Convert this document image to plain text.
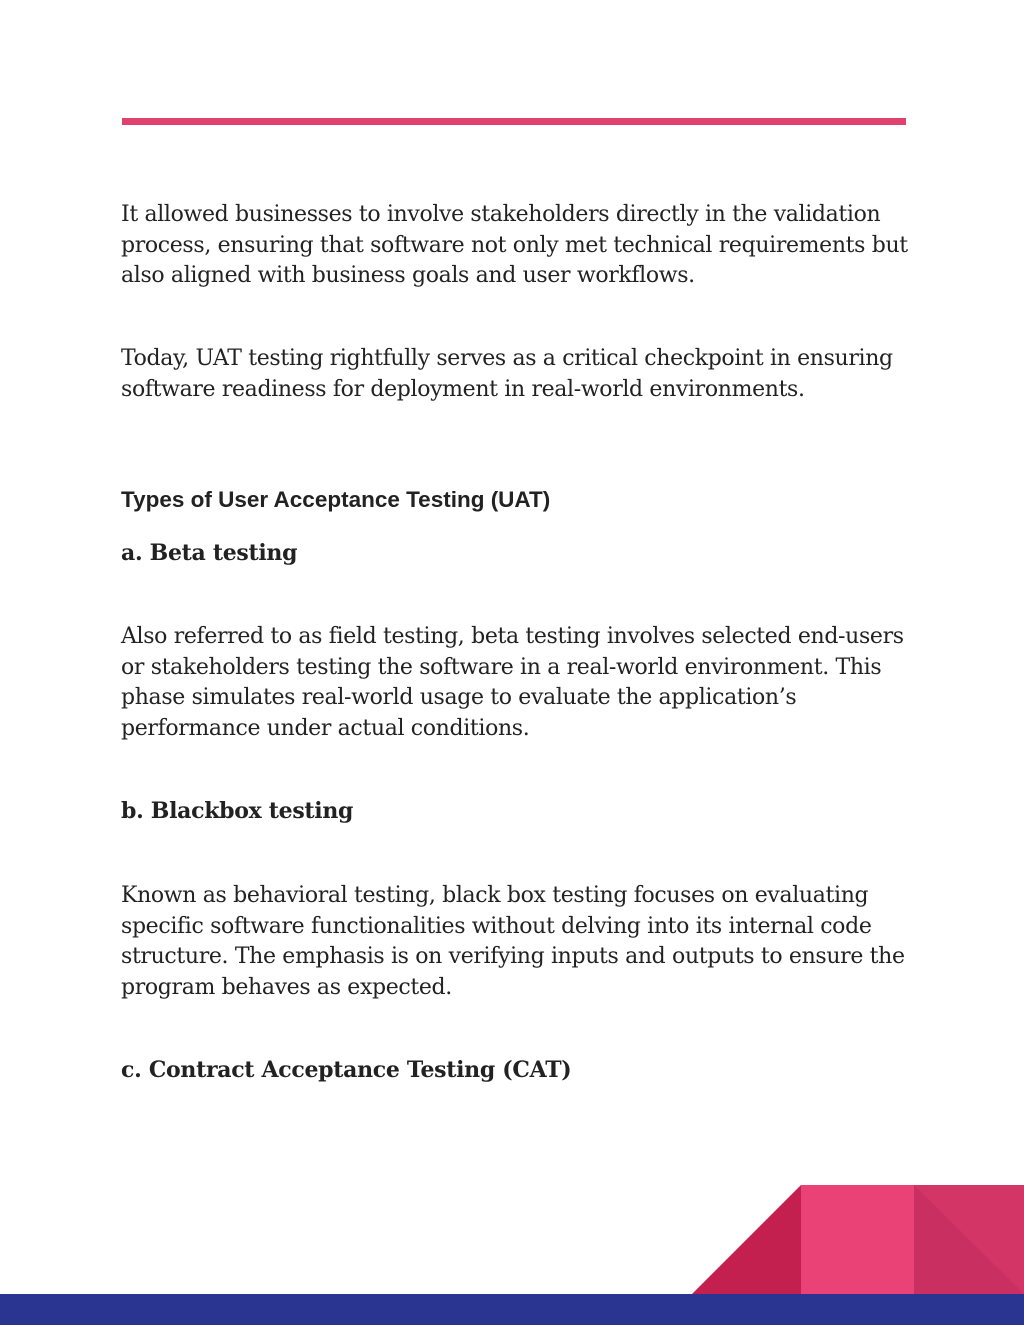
It allowed businesses to involve stakeholders directly in the validation process, ensuring that software not only met technical requirements but also aligned with business goals and user workflows.

Today, UAT testing rightfully serves as a critical checkpoint in ensuring software readiness for deployment in real-world environments.

Types of User Acceptance Testing (UAT)
a. Beta testing

Also referred to as field testing, beta testing involves selected end-users or stakeholders testing the software in a real-world environment. This phase simulates real-world usage to evaluate the application’s performance under actual conditions.

b. Blackbox testing

Known as behavioral testing, black box testing focuses on evaluating specific software functionalities without delving into its internal code structure. The emphasis is on verifying inputs and outputs to ensure the program behaves as expected.

c. Contract Acceptance Testing (CAT)
